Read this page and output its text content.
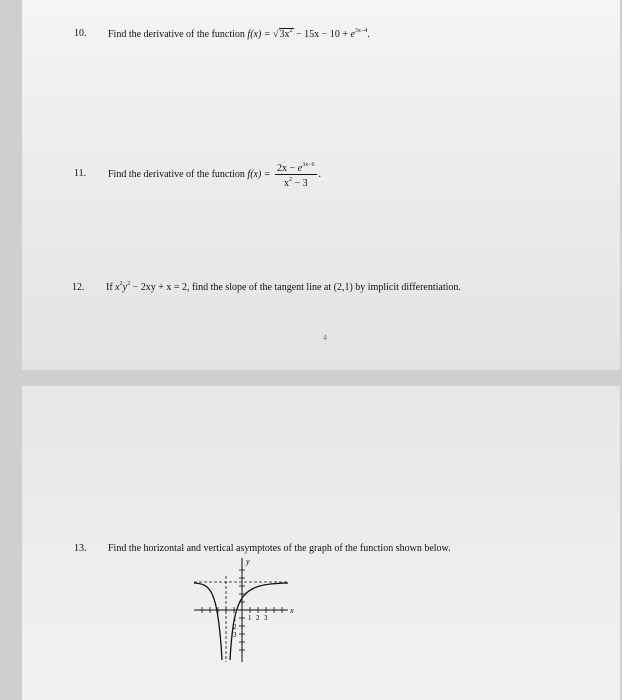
10. Find the derivative of the function $f(x) = √3x^2 - 15x - 10 + e^{3x-4}$.
11. Find the derivative of the function $f(x) = \frac{2x - e^{3x-6}}{x^2 - 3}$ .
12. If $x^2y^2 - 2xy + x = 2$, find the slope of the tangent line at (2,1) by implicit differentiation.
4
13. Find the horizontal and vertical asymptotes of the graph of the function shown below.
y
x
1 2 3
1
2
3
